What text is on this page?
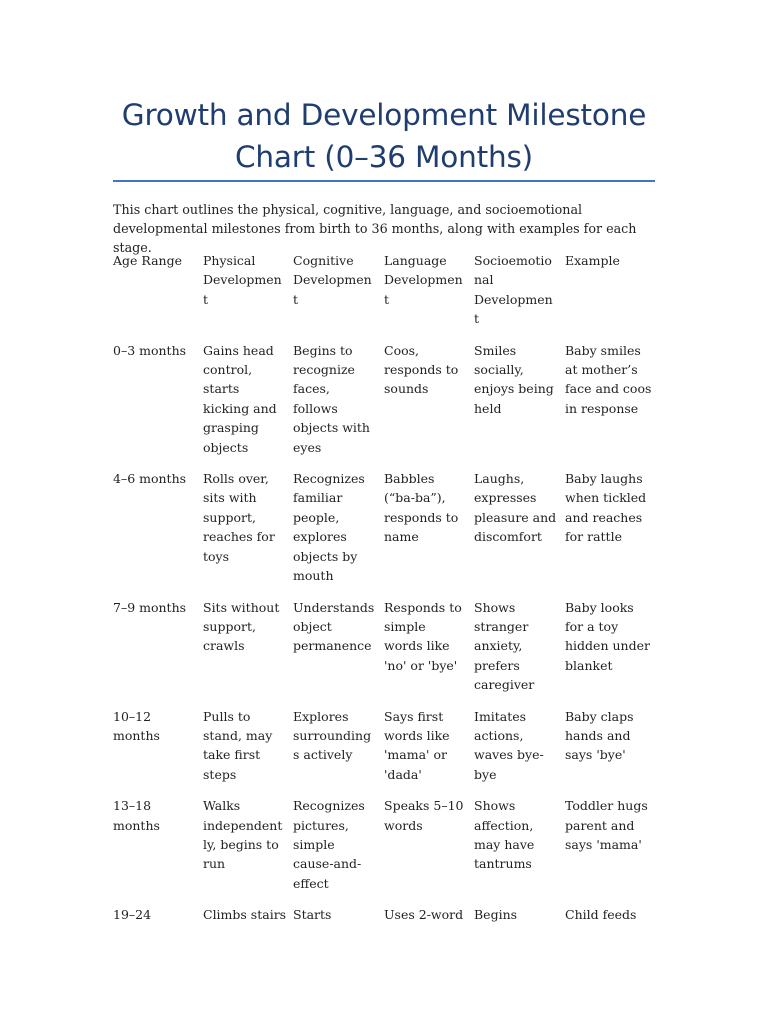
Growth and Development Milestone
Chart (0–36 Months)

This chart outlines the physical, cognitive, language, and socioemotional developmental milestones from birth to 36 months, along with examples for each stage.

Age Range	Physical Developmen t	Cognitive Developmen t	Language Developmen t	Socioemotio nal Developmen t	Example
0–3 months	Gains head control, starts kicking and grasping objects	Begins to recognize faces, follows objects with eyes	Coos, responds to sounds	Smiles socially, enjoys being held	Baby smiles at mother’s face and coos in response
4–6 months	Rolls over, sits with support, reaches for toys	Recognizes familiar people, explores objects by mouth	Babbles (“ba-ba”), responds to name	Laughs, expresses pleasure and discomfort	Baby laughs when tickled and reaches for rattle
7–9 months	Sits without support, crawls	Understands object permanence	Responds to simple words like 'no' or 'bye'	Shows stranger anxiety, prefers caregiver	Baby looks for a toy hidden under blanket
10–12 months	Pulls to stand, may take first steps	Explores surrounding s actively	Says first words like 'mama' or 'dada'	Imitates actions, waves bye-bye	Baby claps hands and says 'bye'
13–18 months	Walks independent ly, begins to run	Recognizes pictures, simple cause-and-effect	Speaks 5–10 words	Shows affection, may have tantrums	Toddler hugs parent and says 'mama'
19–24	Climbs stairs	Starts	Uses 2-word	Begins	Child feeds
